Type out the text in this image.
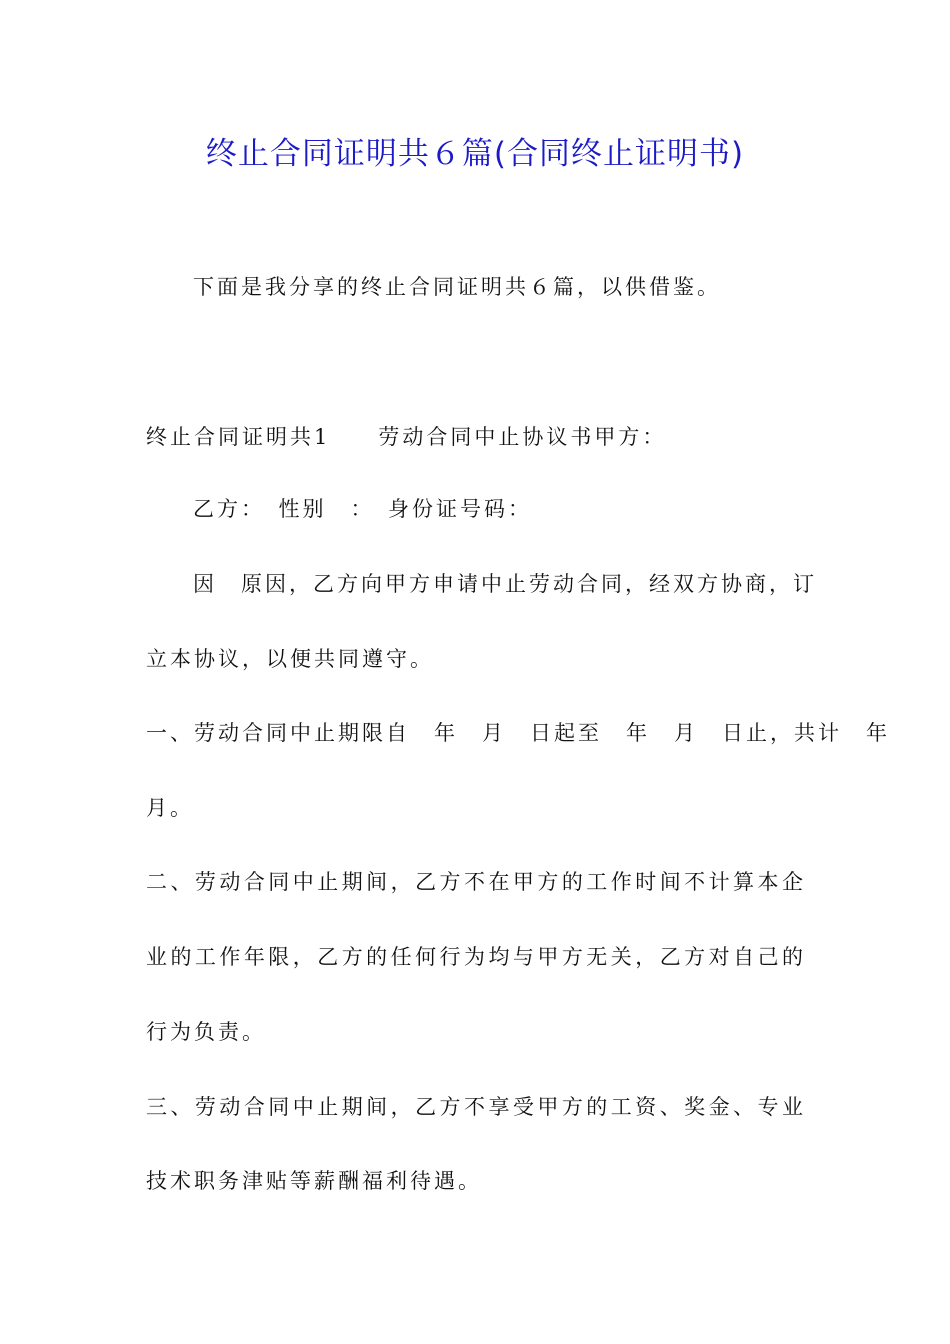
终止合同证明共６篇(合同终止证明书)
下面是我分享的终止合同证明共６篇，以供借鉴。
终止合同证明共1 劳动合同中止协议书甲方：
乙方：　性别　：　身份证号码：
因　原因，乙方向甲方申请中止劳动合同，经双方协商，订
立本协议，以便共同遵守。
一、劳动合同中止期限自　年　月　日起至　年　月　日止，共计　年
月。
二、劳动合同中止期间，乙方不在甲方的工作时间不计算本企
业的工作年限，乙方的任何行为均与甲方无关，乙方对自己的
行为负责。
三、劳动合同中止期间，乙方不享受甲方的工资、奖金、专业
技术职务津贴等薪酬福利待遇。
